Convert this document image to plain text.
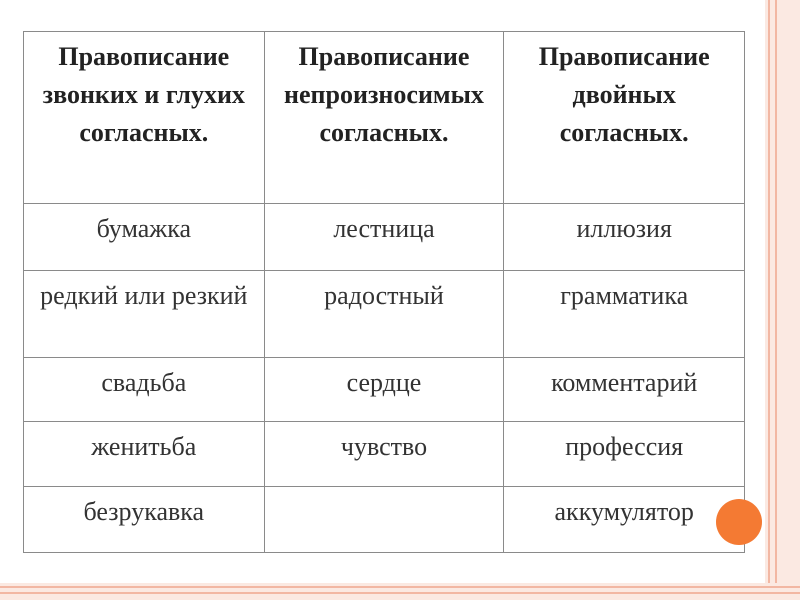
Правописание звонких и глухих согласных.	Правописание непроизносимых согласных.	Правописание двойных согласных.
бумажка	лестница	иллюзия
редкий или резкий	радостный	грамматика
свадьба	сердце	комментарий
женитьба	чувство	профессия
безрукавка		аккумулятор
